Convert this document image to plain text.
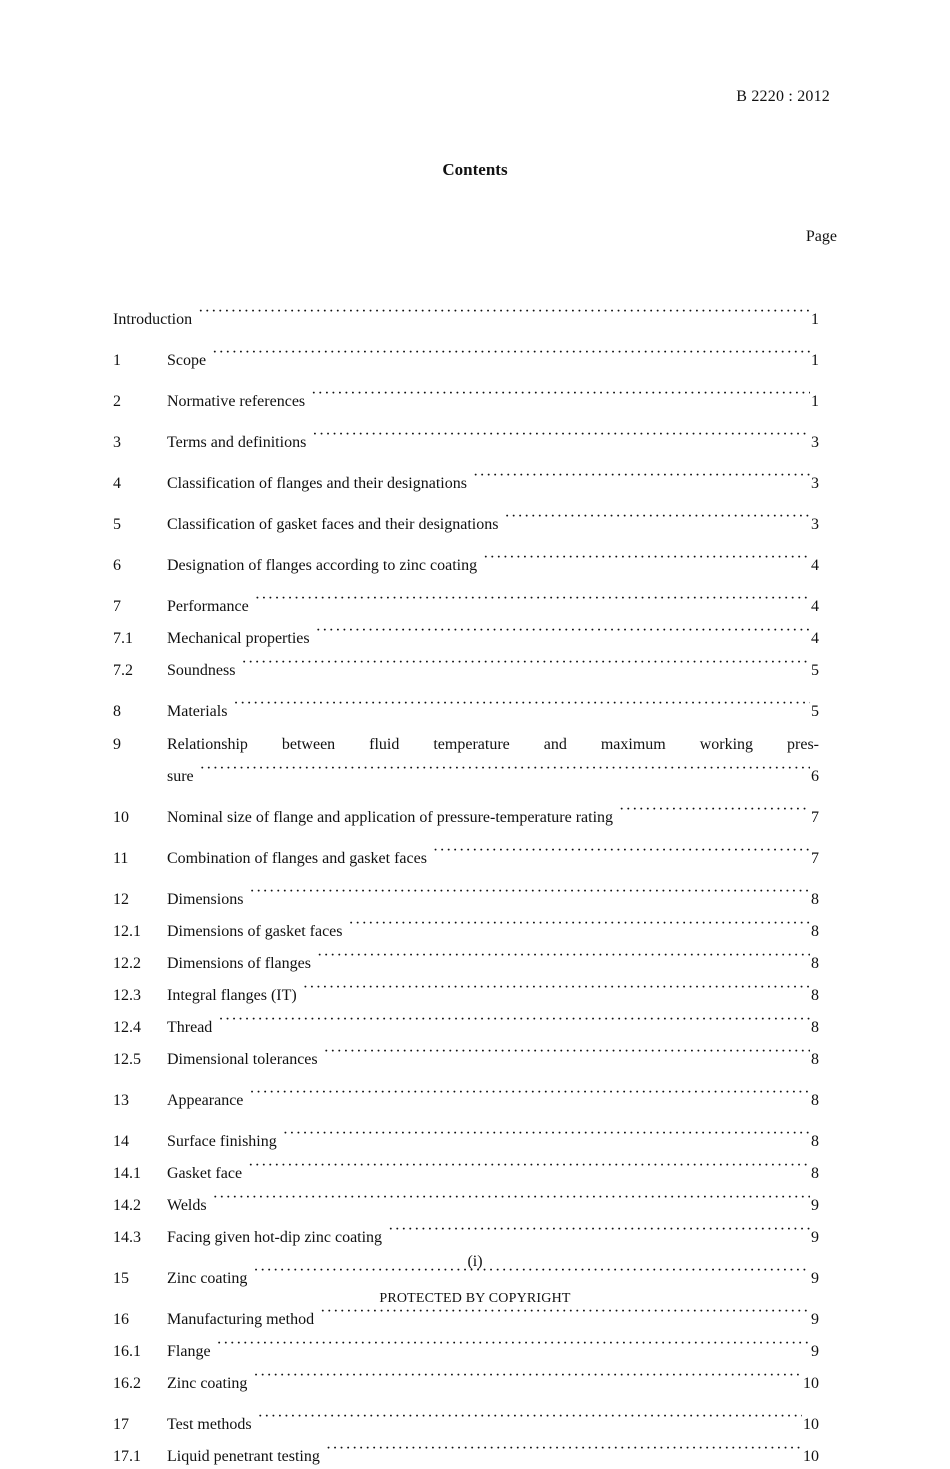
B 2220 : 2012
Contents
Page
Introduction ·····	1
1	Scope ·····	1
2	Normative references ·····	1
3	Terms and definitions ·····	3
4	Classification of flanges and their designations ·····	3
5	Classification of gasket faces and their designations ·····	3
6	Designation of flanges according to zinc coating ·····	4
7	Performance ·····	4
7.1	Mechanical properties ·····	4
7.2	Soundness ·····	5
8	Materials ·····	5
9	Relationship between fluid temperature and maximum working pres-
sure ·····	6
10	Nominal size of flange and application of pressure-temperature rating ·····	7
11	Combination of flanges and gasket faces ·····	7
12	Dimensions ·····	8
12.1	Dimensions of gasket faces ·····	8
12.2	Dimensions of flanges ·····	8
12.3	Integral flanges (IT) ·····	8
12.4	Thread ·····	8
12.5	Dimensional tolerances ·····	8
13	Appearance ·····	8
14	Surface finishing ·····	8
14.1	Gasket face ·····	8
14.2	Welds ·····	9
14.3	Facing given hot-dip zinc coating ·····	9
15	Zinc coating ·····	9
16	Manufacturing method ·····	9
16.1	Flange ·····	9
16.2	Zinc coating ·····	10
17	Test methods ·····	10
17.1	Liquid penetrant testing ·····	10
(i)
PROTECTED BY COPYRIGHT
